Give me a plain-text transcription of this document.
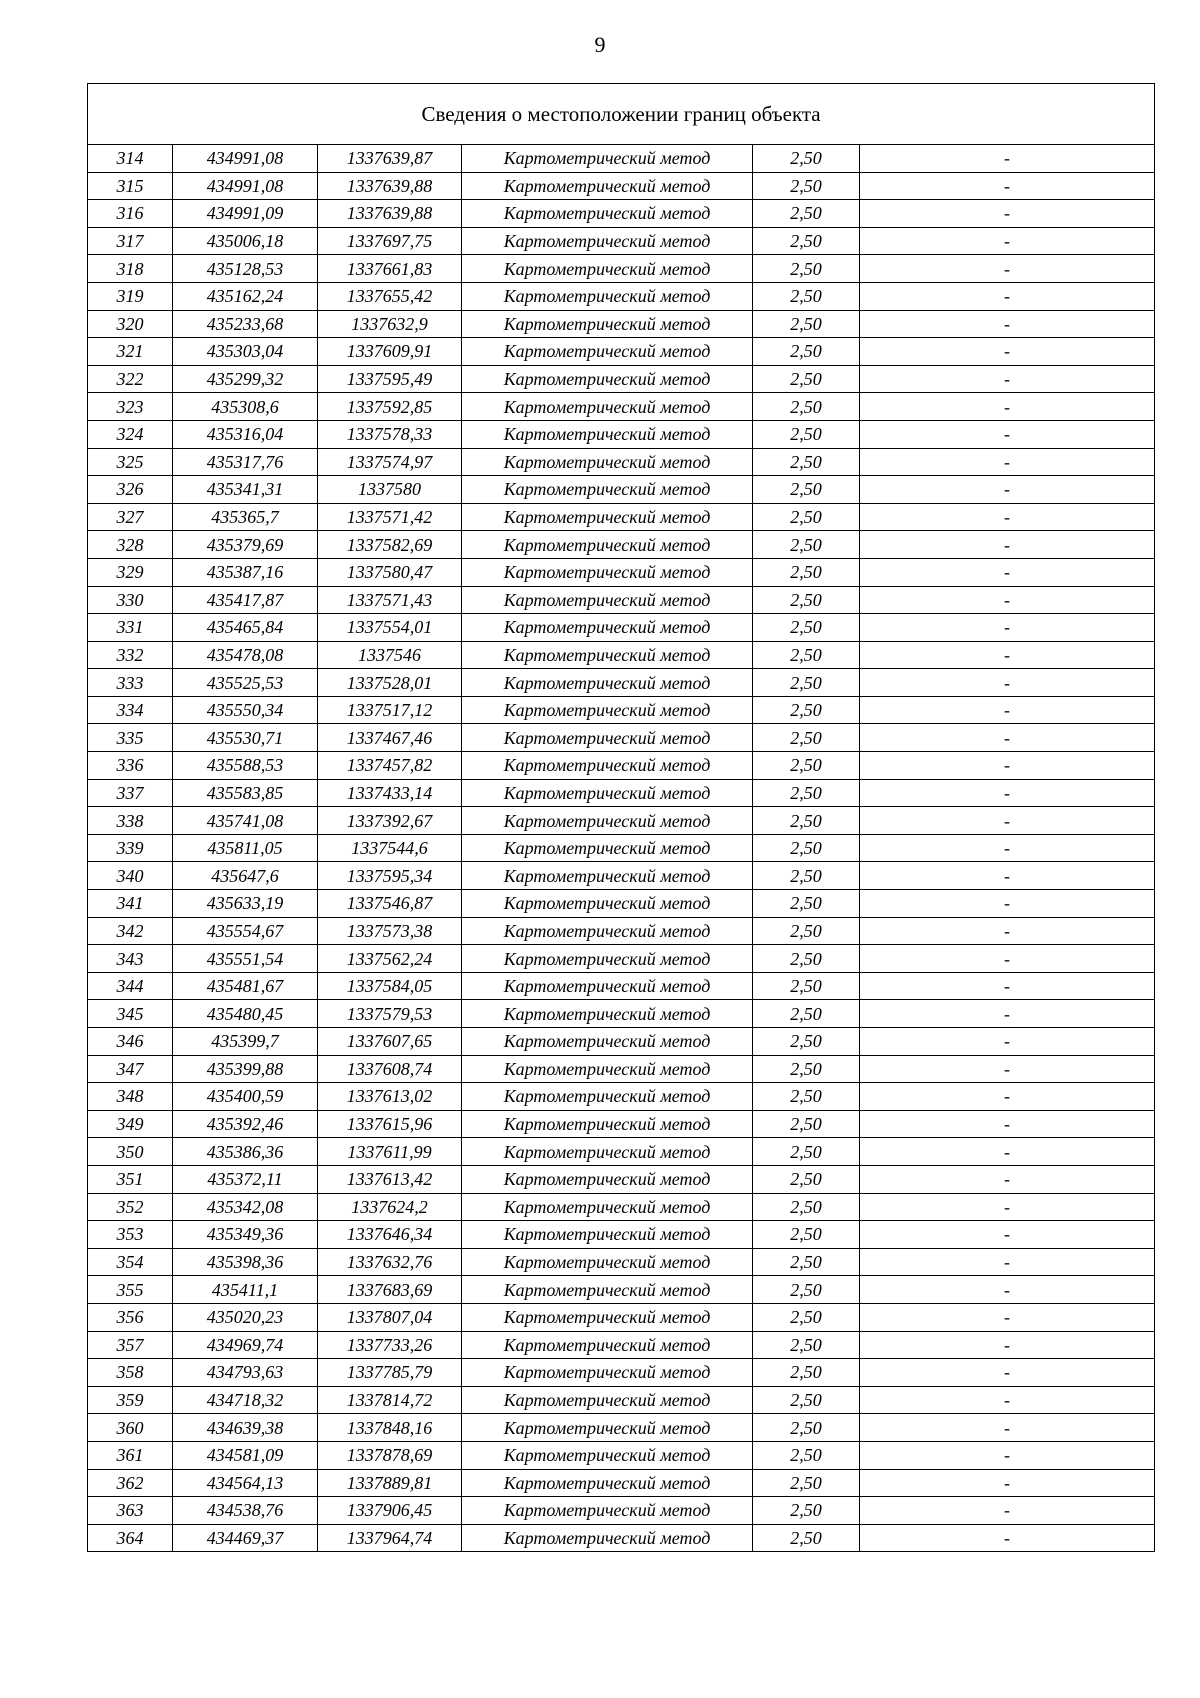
9
Сведения о местоположении границ объекта					
314	434991,08	1337639,87	Картометрический метод	2,50	-
315	434991,08	1337639,88	Картометрический метод	2,50	-
316	434991,09	1337639,88	Картометрический метод	2,50	-
317	435006,18	1337697,75	Картометрический метод	2,50	-
318	435128,53	1337661,83	Картометрический метод	2,50	-
319	435162,24	1337655,42	Картометрический метод	2,50	-
320	435233,68	1337632,9	Картометрический метод	2,50	-
321	435303,04	1337609,91	Картометрический метод	2,50	-
322	435299,32	1337595,49	Картометрический метод	2,50	-
323	435308,6	1337592,85	Картометрический метод	2,50	-
324	435316,04	1337578,33	Картометрический метод	2,50	-
325	435317,76	1337574,97	Картометрический метод	2,50	-
326	435341,31	1337580	Картометрический метод	2,50	-
327	435365,7	1337571,42	Картометрический метод	2,50	-
328	435379,69	1337582,69	Картометрический метод	2,50	-
329	435387,16	1337580,47	Картометрический метод	2,50	-
330	435417,87	1337571,43	Картометрический метод	2,50	-
331	435465,84	1337554,01	Картометрический метод	2,50	-
332	435478,08	1337546	Картометрический метод	2,50	-
333	435525,53	1337528,01	Картометрический метод	2,50	-
334	435550,34	1337517,12	Картометрический метод	2,50	-
335	435530,71	1337467,46	Картометрический метод	2,50	-
336	435588,53	1337457,82	Картометрический метод	2,50	-
337	435583,85	1337433,14	Картометрический метод	2,50	-
338	435741,08	1337392,67	Картометрический метод	2,50	-
339	435811,05	1337544,6	Картометрический метод	2,50	-
340	435647,6	1337595,34	Картометрический метод	2,50	-
341	435633,19	1337546,87	Картометрический метод	2,50	-
342	435554,67	1337573,38	Картометрический метод	2,50	-
343	435551,54	1337562,24	Картометрический метод	2,50	-
344	435481,67	1337584,05	Картометрический метод	2,50	-
345	435480,45	1337579,53	Картометрический метод	2,50	-
346	435399,7	1337607,65	Картометрический метод	2,50	-
347	435399,88	1337608,74	Картометрический метод	2,50	-
348	435400,59	1337613,02	Картометрический метод	2,50	-
349	435392,46	1337615,96	Картометрический метод	2,50	-
350	435386,36	1337611,99	Картометрический метод	2,50	-
351	435372,11	1337613,42	Картометрический метод	2,50	-
352	435342,08	1337624,2	Картометрический метод	2,50	-
353	435349,36	1337646,34	Картометрический метод	2,50	-
354	435398,36	1337632,76	Картометрический метод	2,50	-
355	435411,1	1337683,69	Картометрический метод	2,50	-
356	435020,23	1337807,04	Картометрический метод	2,50	-
357	434969,74	1337733,26	Картометрический метод	2,50	-
358	434793,63	1337785,79	Картометрический метод	2,50	-
359	434718,32	1337814,72	Картометрический метод	2,50	-
360	434639,38	1337848,16	Картометрический метод	2,50	-
361	434581,09	1337878,69	Картометрический метод	2,50	-
362	434564,13	1337889,81	Картометрический метод	2,50	-
363	434538,76	1337906,45	Картометрический метод	2,50	-
364	434469,37	1337964,74	Картометрический метод	2,50	-
